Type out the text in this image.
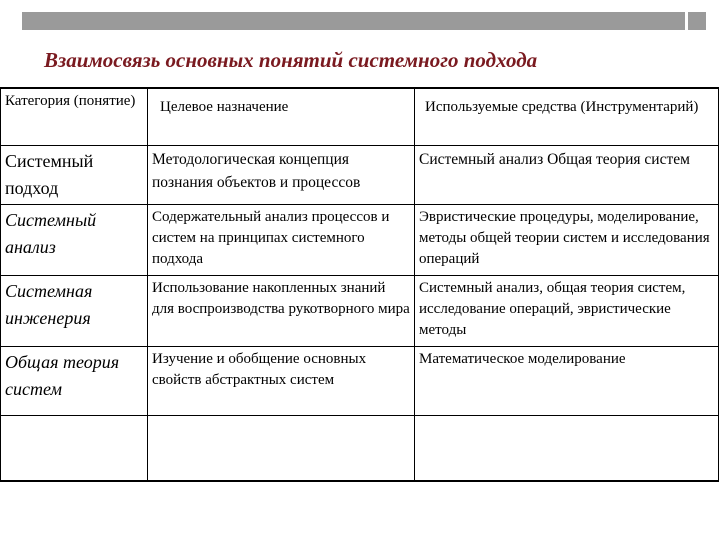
Взаимосвязь основных понятий системного подхода
Категория (понятие)	Целевое назначение	Используемые средства (Инструментарий)
Системный подход	Методологическая концепция познания объектов и процессов	Системный анализ Общая теория систем
Системный анализ	Содержательный анализ процессов и систем на принципах системного подхода	Эвристические процедуры, моделирование, методы общей теории систем и исследования операций
Системная инженерия	Использование накопленных знаний для воспроизводства рукотворного мира	Системный анализ, общая теория систем, исследование операций, эвристические методы
Общая теория систем	Изучение и обобщение основных свойств абстрактных систем	Математическое моделирование
